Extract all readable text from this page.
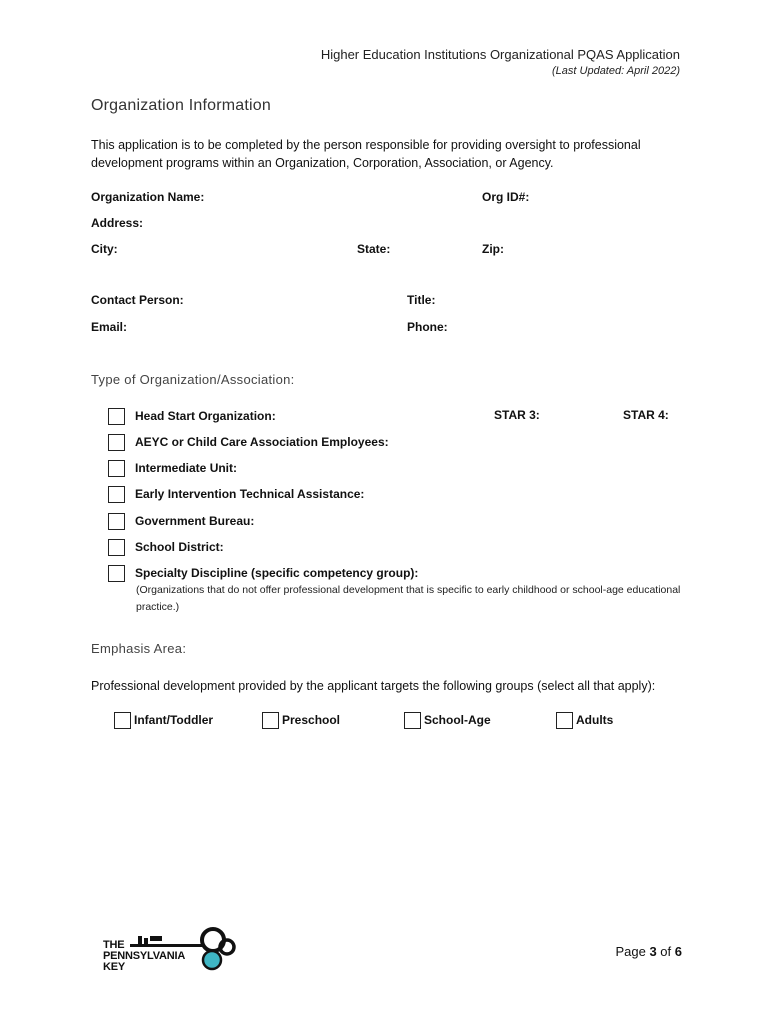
Higher Education Institutions Organizational PQAS Application
(Last Updated: April 2022)
Organization Information
This application is to be completed by the person responsible for providing oversight to professional development programs within an Organization, Corporation, Association, or Agency.
Organization Name:	Org ID#:
Address:
City:	State:	Zip:
Contact Person:	Title:
Email:	Phone:
Type of Organization/Association:
Head Start Organization:	STAR 3:	STAR 4:
AEYC or Child Care Association Employees:
Intermediate Unit:
Early Intervention Technical Assistance:
Government Bureau:
School District:
Specialty Discipline (specific competency group):
(Organizations that do not offer professional development that is specific to early childhood or school-age educational practice.)
Emphasis Area:
Professional development provided by the applicant targets the following groups (select all that apply):
Infant/Toddler	Preschool	School-Age	Adults
THE
PENNSYLVANIA
KEY
Page 3 of 6
